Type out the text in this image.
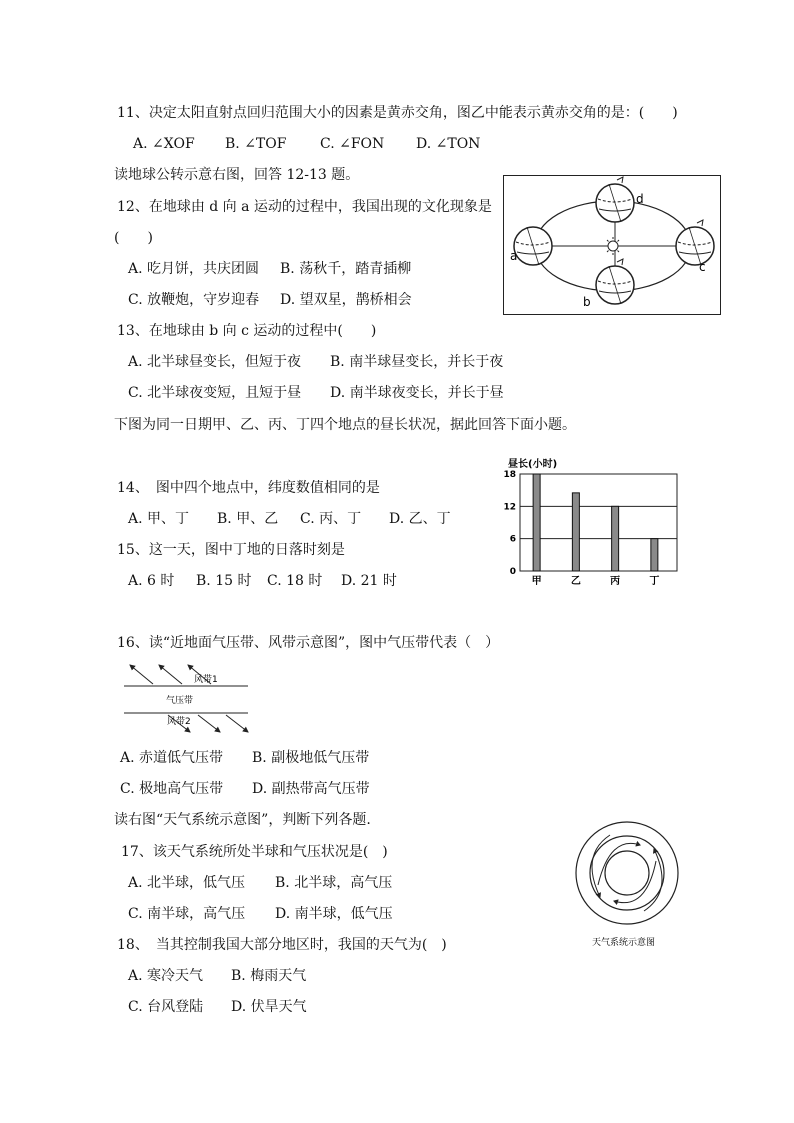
11、决定太阳直射点回归范围大小的因素是黄赤交角，图乙中能表示黄赤交角的是：(　　)
A. ∠XOF B. ∠TOF C. ∠FON D. ∠TON
读地球公转示意右图，回答 12-13 题。
12、在地球由 d 向 a 运动的过程中，我国出现的文化现象是
(　　)
A. 吃月饼，共庆团圆 B. 荡秋千，踏青插柳
C. 放鞭炮，守岁迎春 D. 望双星，鹊桥相会
13、在地球由 b 向 c 运动的过程中(　　)
A. 北半球昼变长，但短于夜 B. 南半球昼变长，并长于夜
C. 北半球夜变短，且短于昼 D. 南半球夜变长，并长于昼
d
a
c
b
下图为同一日期甲、乙、丙、丁四个地点的昼长状况，据此回答下面小题。
14、　图中四个地点中，纬度数值相同的是
A. 甲、丁 B. 甲、乙 C. 丙、丁 D. 乙、丁
15、这一天，图中丁地的日落时刻是
A. 6 时 B. 15 时 C. 18 时 D. 21 时
昼长(小时)
0
6
12
18
甲	乙	丙	丁
16、读“近地面气压带、风带示意图”，图中气压带代表（　）
风带1
气压带
风带2
A. 赤道低气压带 B. 副极地低气压带
C. 极地高气压带 D. 副热带高气压带
读右图“天气系统示意图”，判断下列各题.
17、该天气系统所处半球和气压状况是(　)
A. 北半球，低气压 B. 北半球，高气压
C. 南半球，高气压 D. 南半球，低气压
天气系统示意图
18、　当其控制我国大部分地区时，我国的天气为(　)
A. 寒冷天气 B. 梅雨天气
C. 台风登陆 D. 伏旱天气
